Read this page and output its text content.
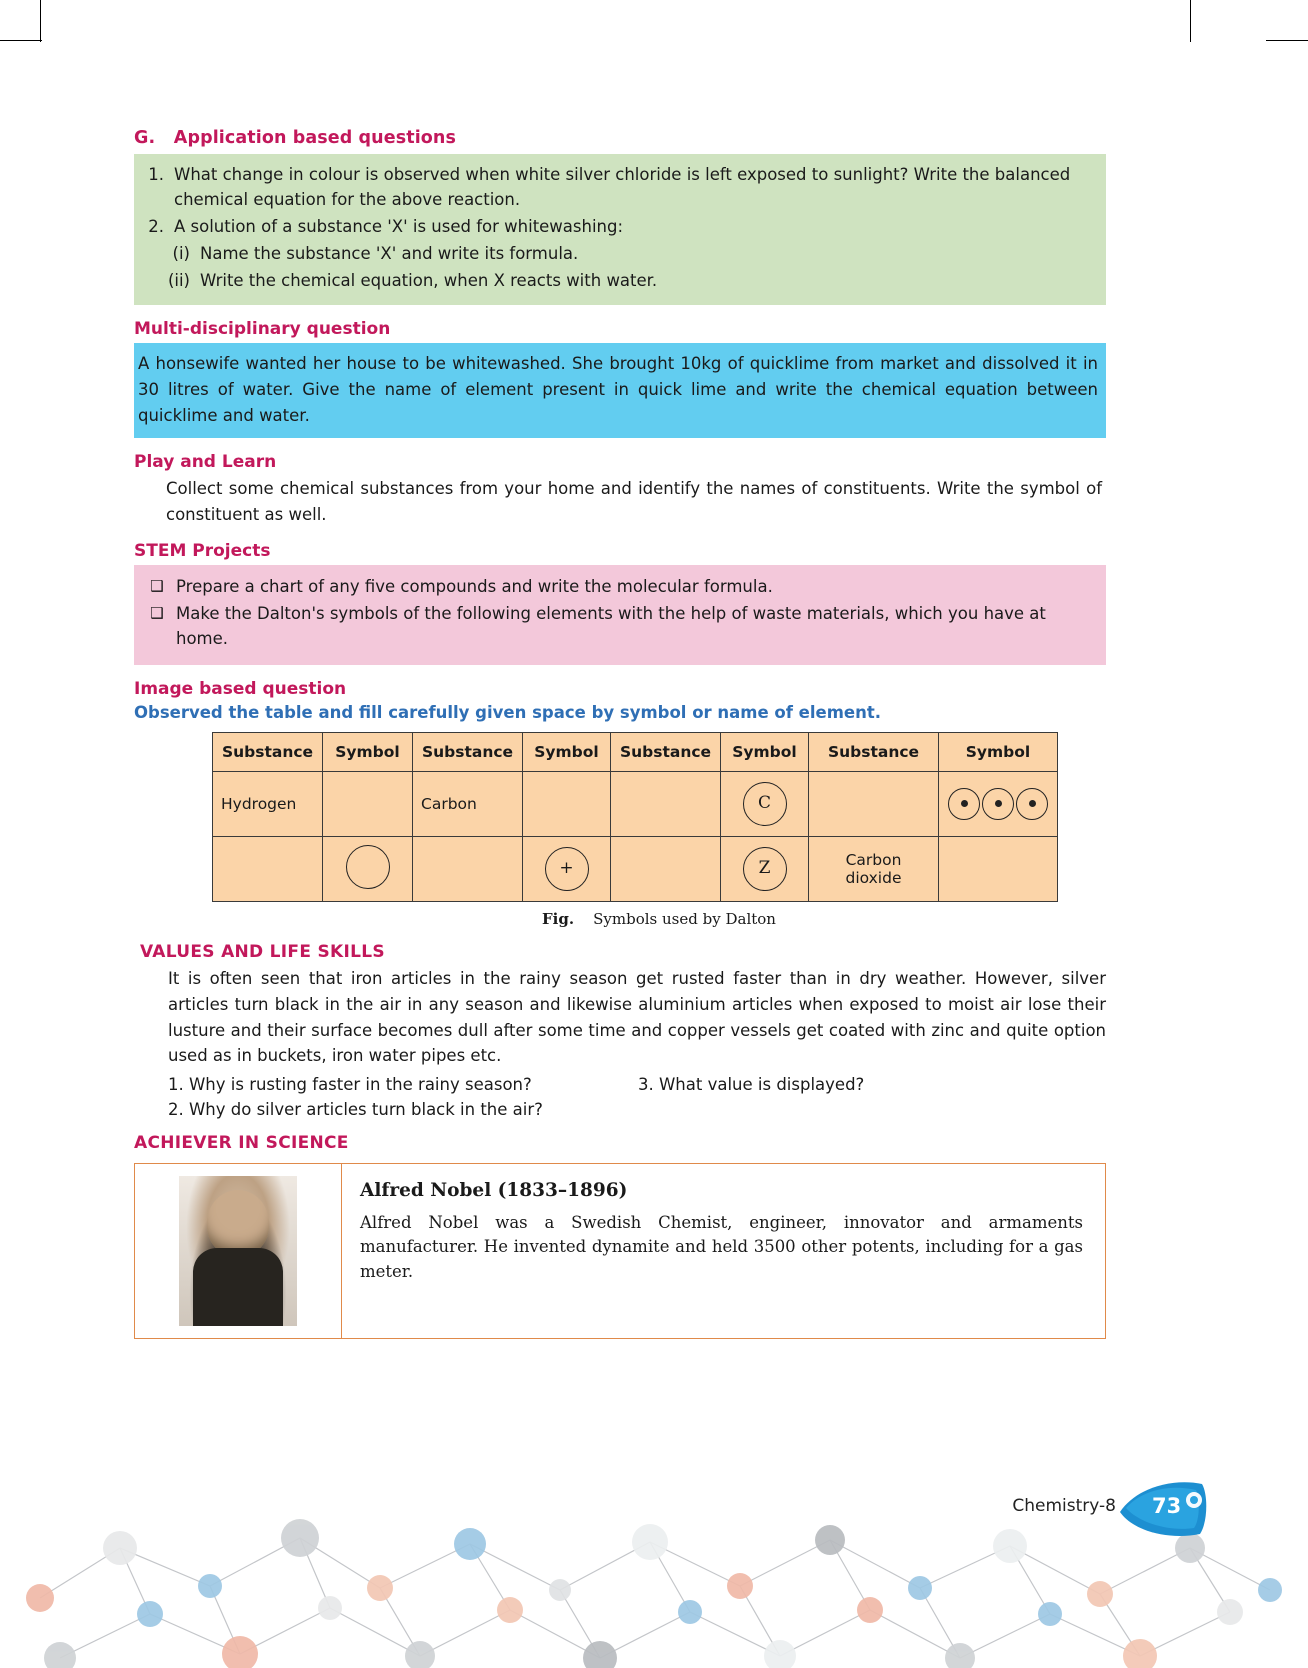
G. Application based questions
1. What change in colour is observed when white silver chloride is left exposed to sunlight? Write the balanced chemical equation for the above reaction.
2. A solution of a substance 'X' is used for whitewashing:
(i) Name the substance 'X' and write its formula.
(ii) Write the chemical equation, when X reacts with water.
Multi-disciplinary question
A honsewife wanted her house to be whitewashed. She brought 10kg of quicklime from market and dissolved it in 30 litres of water. Give the name of element present in quick lime and write the chemical equation between quicklime and water.
Play and Learn
Collect some chemical substances from your home and identify the names of constituents. Write the symbol of constituent as well.
STEM Projects
❑ Prepare a chart of any five compounds and write the molecular formula.
❑ Make the Dalton's symbols of the following elements with the help of waste materials, which you have at home.
Image based question
Observed the table and fill carefully given space by symbol or name of element.
Substance	Symbol	Substance	Symbol	Substance	Symbol	Substance	Symbol
Hydrogen		Carbon			C		

			+		Z	Carbon dioxide	
Fig. Symbols used by Dalton
VALUES AND LIFE SKILLS
It is often seen that iron articles in the rainy season get rusted faster than in dry weather. However, silver articles turn black in the air in any season and likewise aluminium articles when exposed to moist air lose their lusture and their surface becomes dull after some time and copper vessels get coated with zinc and quite option used as in buckets, iron water pipes etc.
1. Why is rusting faster in the rainy season?	3. What value is displayed?
2. Why do silver articles turn black in the air?
ACHIEVER IN SCIENCE
Alfred Nobel (1833–1896)
Alfred Nobel was a Swedish Chemist, engineer, innovator and armaments manufacturer. He invented dynamite and held 3500 other potents, including for a gas meter.
Chemistry-8 73
